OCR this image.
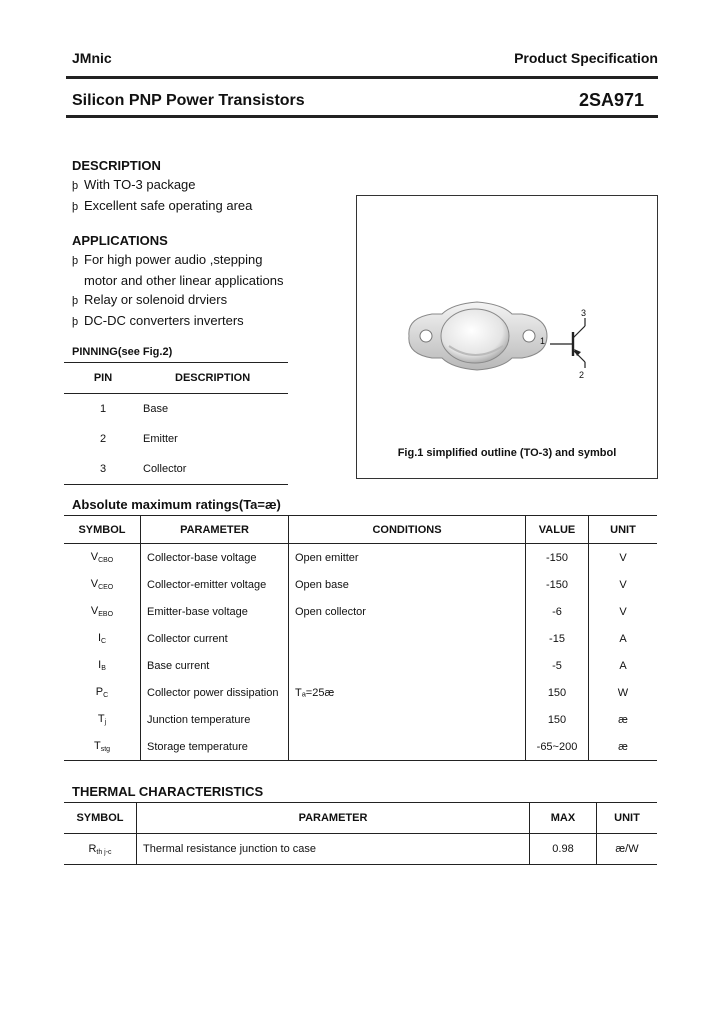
JMnic	Product Specification
Silicon PNP Power Transistors	2SA971
DESCRIPTION
þ With TO-3 package
þ Excellent safe operating area
APPLICATIONS
þ For high power audio ,stepping
motor and other linear applications
þ Relay or solenoid drviers
þ DC-DC converters inverters
PINNING(see Fig.2)
PIN	DESCRIPTION
1	Base
2	Emitter
3	Collector
1
2
3
Fig.1 simplified outline (TO-3) and symbol
Absolute maximum ratings(Ta=æ)
SYMBOL	PARAMETER	CONDITIONS	VALUE	UNIT
$V_{CBO}$	Collector-base voltage	Open emitter	-150	V
$V_{CEO}$	Collector-emitter voltage	Open base	-150	V
$V_{EBO}$	Emitter-base voltage	Open collector	-6	V
$I_C$	Collector current		-15	A
$I_B$	Base current		-5	A
$P_C$	Collector power dissipation	Tₐ=25æ	150	W
$T_j$	Junction temperature		150	æ
$T_{stg}$	Storage temperature		-65~200	æ
THERMAL CHARACTERISTICS
SYMBOL	PARAMETER	MAX	UNIT
$R_{th j-c}$	Thermal resistance junction to case	0.98	æ/W
